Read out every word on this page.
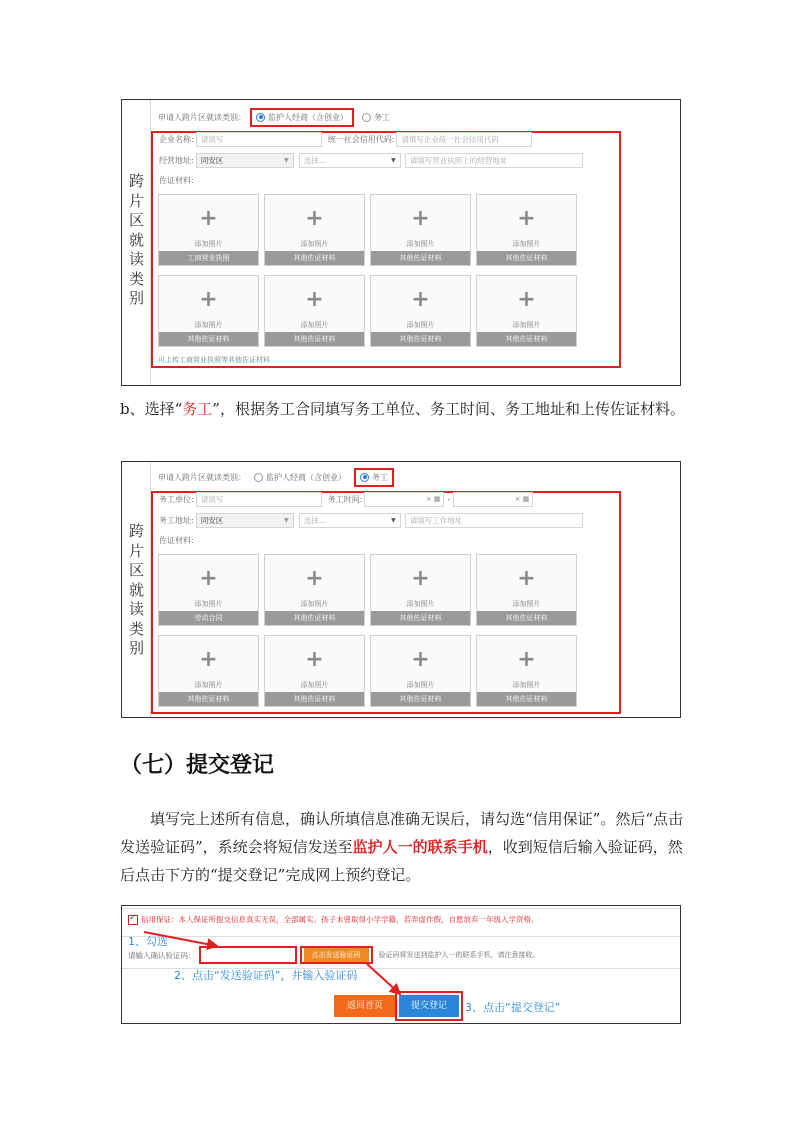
跨
片
区
就
读
类
别
申请人跨片区就读类别：	监护人经商（含创业）	务工
企业名称: 请填写	统一社会信用代码: 请填写企业统一社会信用代码
经营地址: 同安区	▼ 选择...	▼	请填写营业执照上的经营地址
佐证材料:
+
添加照片
工商营业执照
+
添加照片
其他佐证材料
+
添加照片
其他佐证材料
+
添加照片
其他佐证材料
+
添加照片
其他佐证材料
+
添加照片
其他佐证材料
+
添加照片
其他佐证材料
+
添加照片
其他佐证材料
可上传工商营业执照等其他佐证材料
b、选择“务工”，根据务工合同填写务工单位、务工时间、务工地址和上传佐证材料。
跨
片
区
就
读
类
别
申请人跨片区就读类别：	监护人经商（含创业）	务工
务工单位: 请填写	务工时间:	× ▦ -	× ▦
务工地址: 同安区	▼ 选择...	▼	请填写工作地址
佐证材料:
+
添加照片
劳动合同
+
添加照片
其他佐证材料
+
添加照片
其他佐证材料
+
添加照片
其他佐证材料
+
添加照片
其他佐证材料
+
添加照片
其他佐证材料
+
添加照片
其他佐证材料
+
添加照片
其他佐证材料
（七）提交登记
填写完上述所有信息，确认所填信息准确无误后，请勾选“信用保证”。然后“点击发送验证码”，系统会将短信发送至监护人一的联系手机，收到短信后输入验证码，然后点击下方的“提交登记”完成网上预约登记。
✓
信用保证：本人保证所提交信息真实无误，全部属实。孩子未曾取得小学学籍，若弄虚作假，自愿放弃一年级入学资格。
1、勾选
请输入确认验证码：	点击发送验证码	验证码将发送到监护人一的联系手机，请注意接收。
2、点击“发送验证码”，并输入验证码
返回首页	提交登记	3、点击“提交登记”
